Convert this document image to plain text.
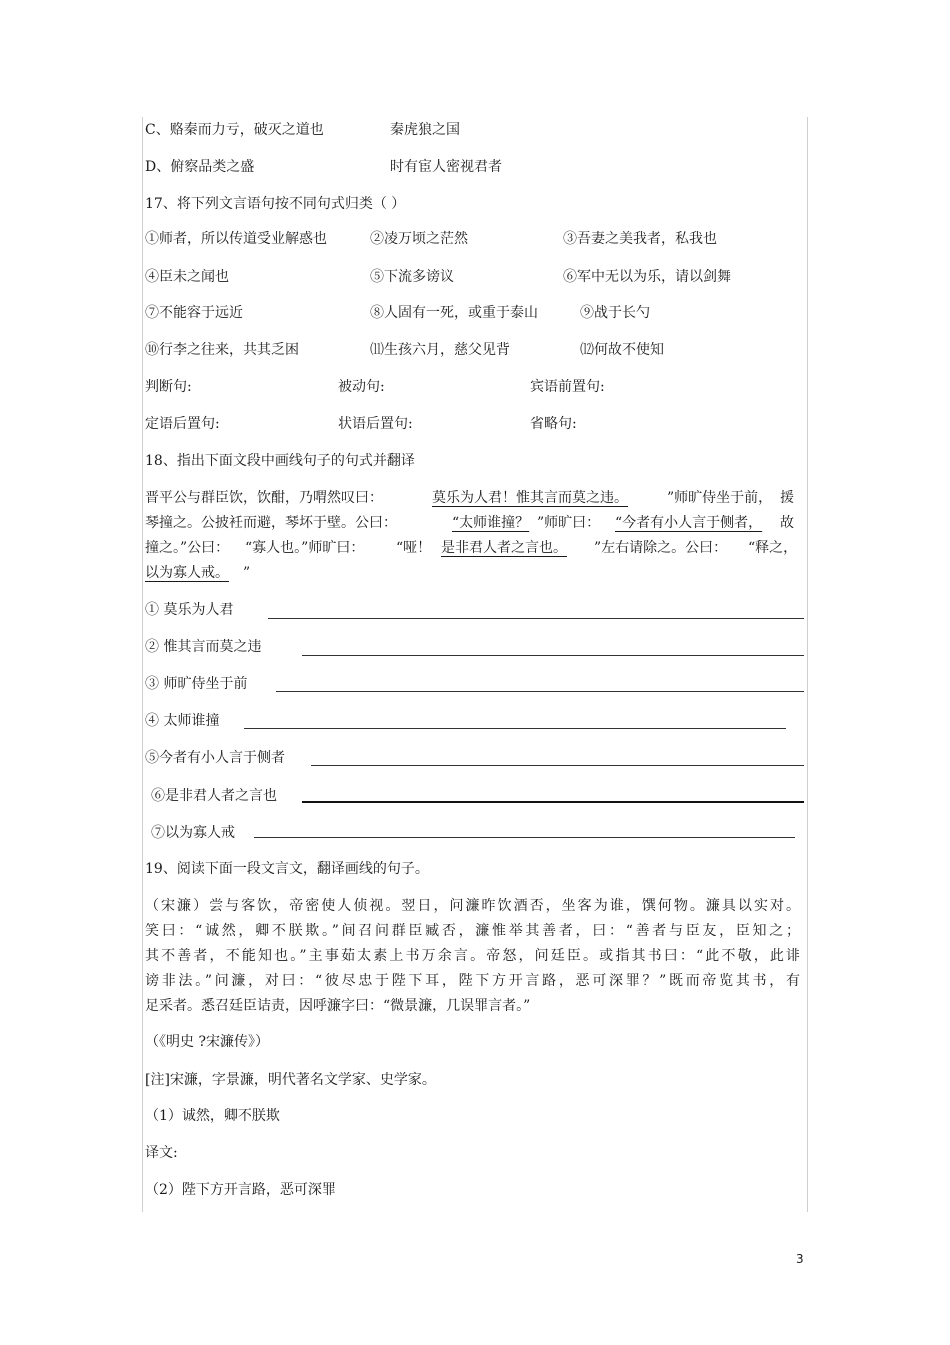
C、赂秦而力亏，破灭之道也	秦虎狼之国
D、俯察品类之盛	时有宦人密视君者
17、将下列文言语句按不同句式归类（ ）
①师者，所以传道受业解惑也	②凌万顷之茫然	③吾妻之美我者，私我也
④臣未之闻也	⑤下流多谤议	⑥军中无以为乐，请以剑舞
⑦不能容于远近	⑧人固有一死，或重于泰山	⑨战于长勺
⑩行李之往来，共其乏困	⑾生孩六月，慈父见背	⑿何故不使知
判断句:	被动句:	宾语前置句:
定语后置句:	状语后置句:	省略句:
18、指出下面文段中画线句子的句式并翻译
晋平公与群臣饮，饮酣，乃喟然叹曰：	莫乐为人君！惟其言而莫之违。	”师旷侍坐于前， 援
琴撞之。公披衽而避，琴坏于壁。公曰：	“太师谁撞？ ”师旷曰： “今者有小人言于侧者， 故
撞之。”公曰： “寡人也。”师旷曰： “哑！ 是非君人者之言也。 ”左右请除之。公曰： “释之，
以为寡人戒。 ”
① 莫乐为人君
② 惟其言而莫之违
③ 师旷侍坐于前
④ 太师谁撞
⑤今者有小人言于侧者
⑥是非君人者之言也
⑦以为寡人戒
19、阅读下面一段文言文，翻译画线的句子。
（宋濂）尝与客饮，帝密使人侦视。翌日，问濂昨饮酒否，坐客为谁，馔何物。濂具以实对。
笑曰：“诚然，卿不朕欺。”间召问群臣臧否，濂惟举其善者，曰：“善者与臣友，臣知之；
其不善者，不能知也。”主事茹太素上书万余言。帝怒，问廷臣。或指其书曰：“此不敬，此诽
谤非法。”问濂，对曰：“彼尽忠于陛下耳，陛下方开言路，恶可深罪？”既而帝览其书，有
足采者。悉召廷臣诘责，因呼濂字曰：“微景濂，几误罪言者。”
（《明史 ?宋濂传》）
[注]宋濂，字景濂，明代著名文学家、史学家。
（1）诚然，卿不朕欺
译文:
（2）陛下方开言路，恶可深罪
3
